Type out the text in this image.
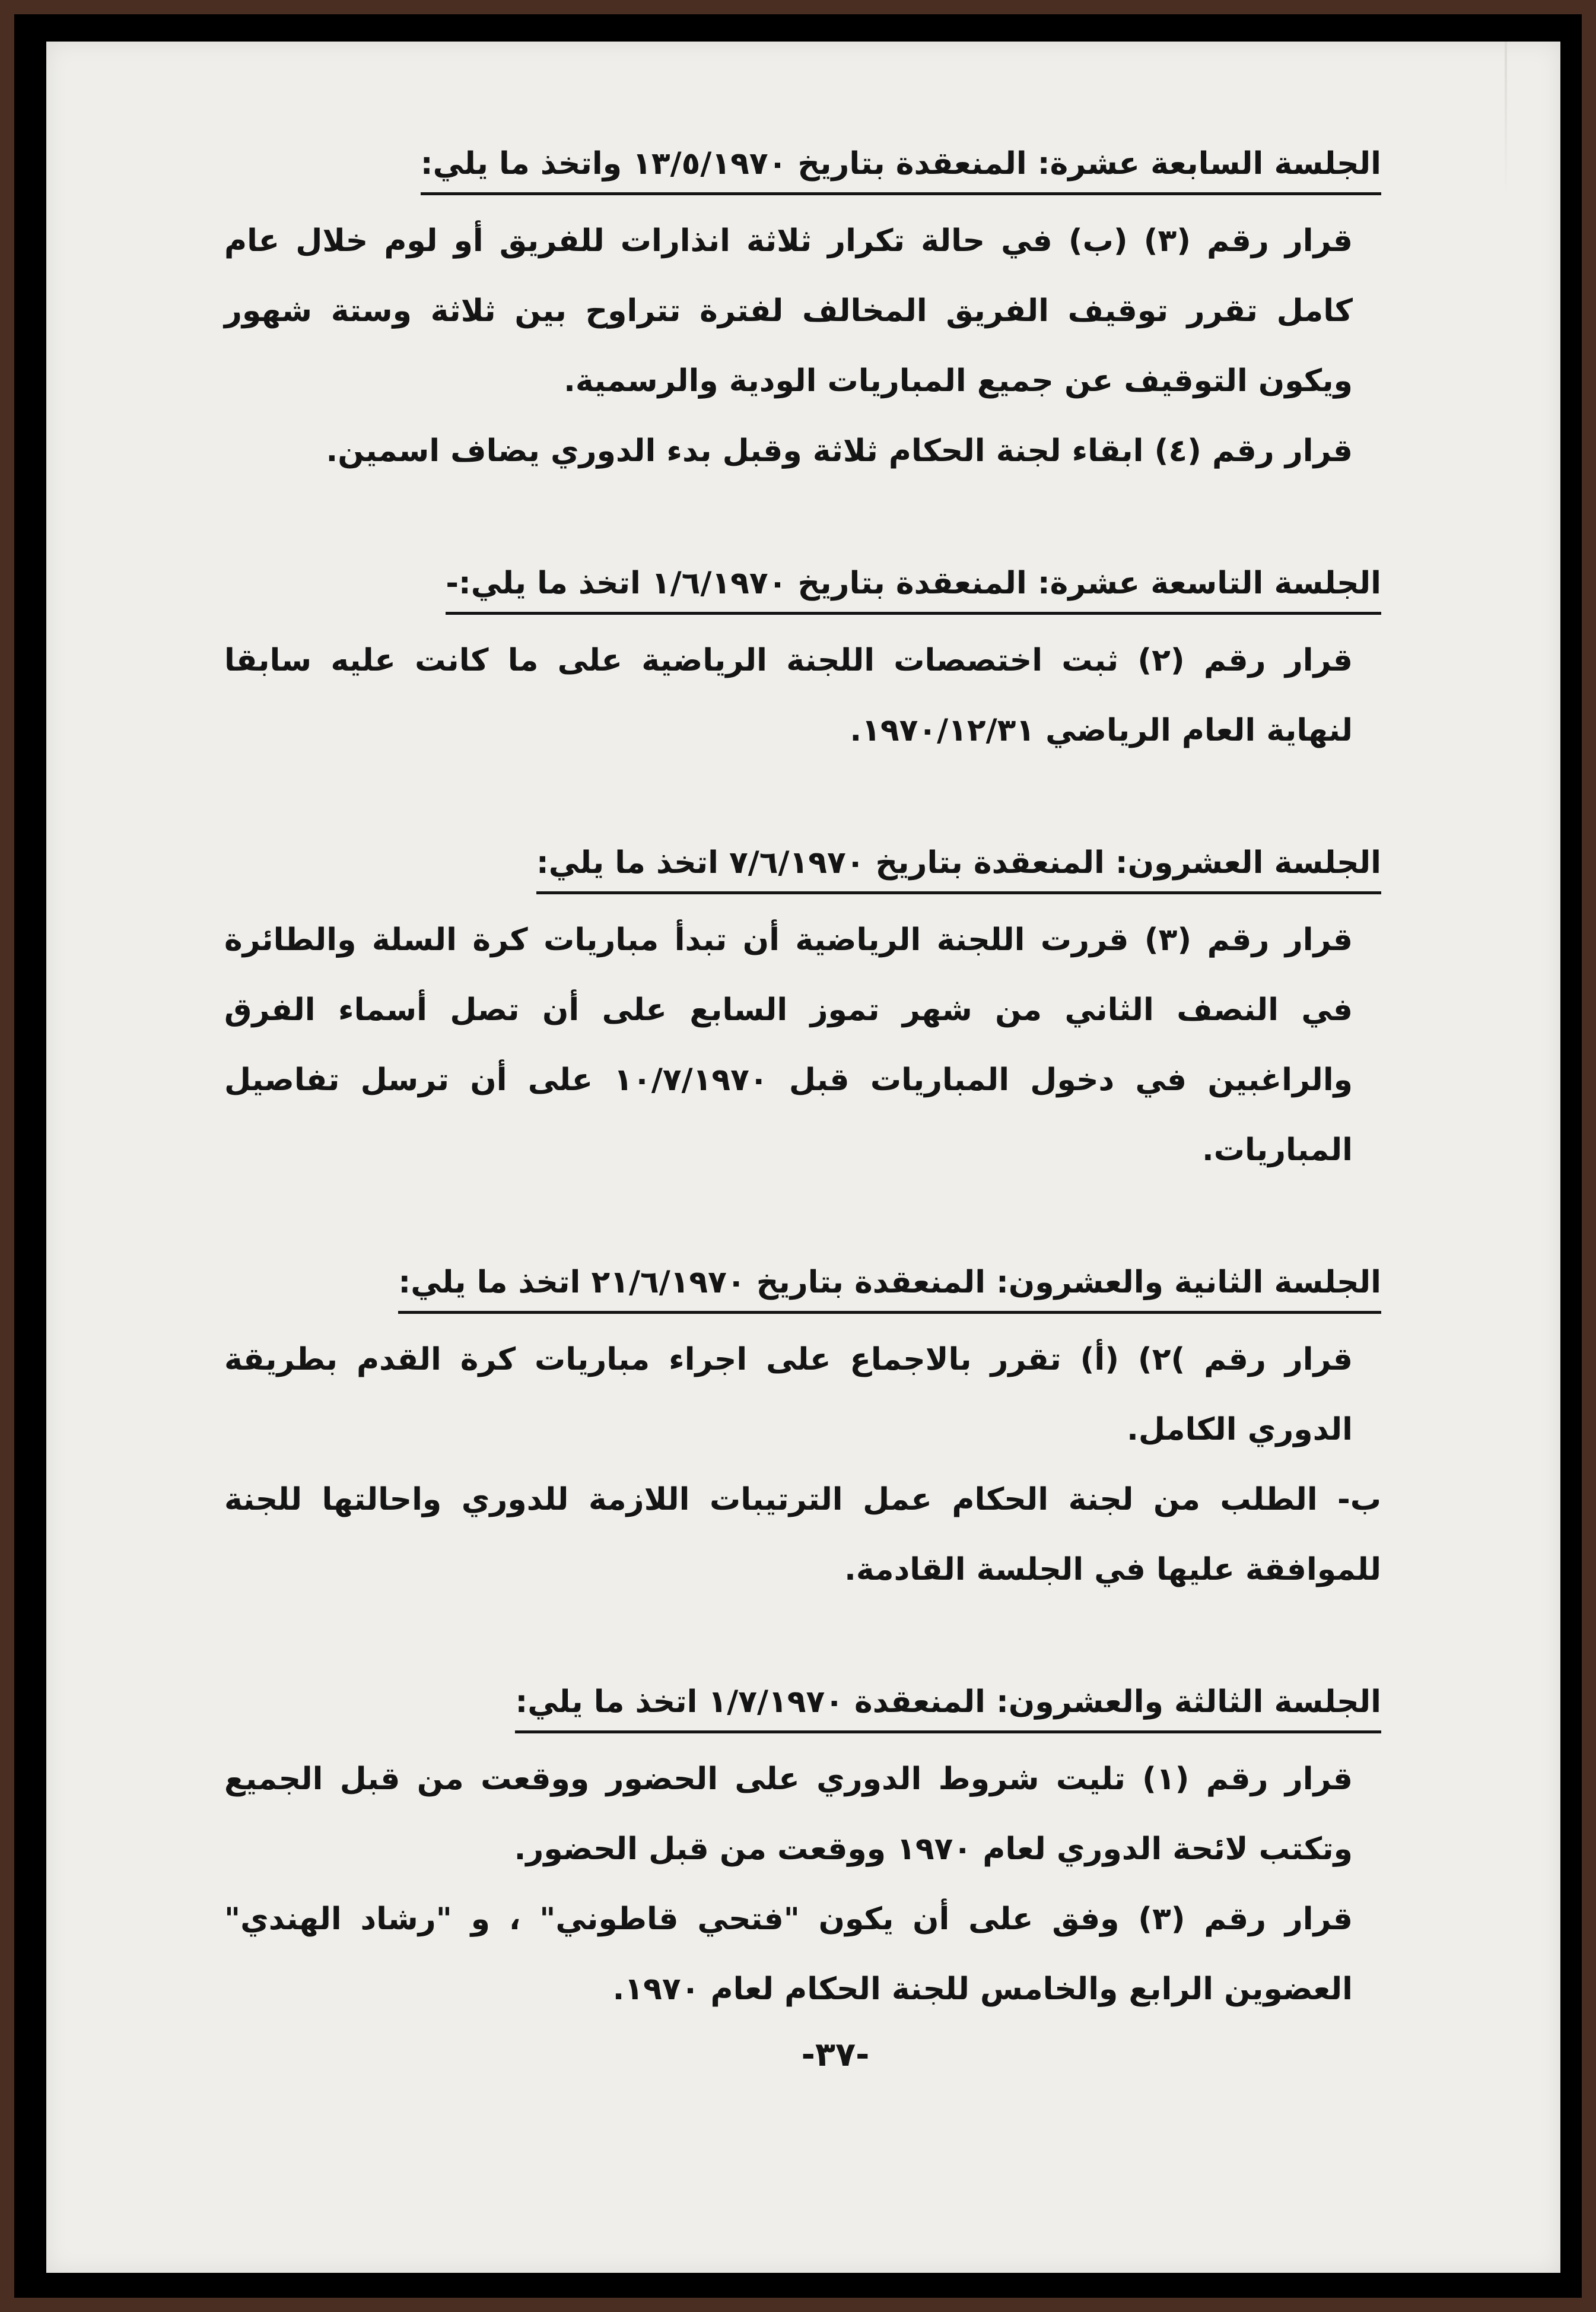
الجلسة السابعة عشرة: المنعقدة بتاريخ ١٣/٥/١٩٧٠ واتخذ ما يلي:
قرار رقم (٣) (ب) في حالة تكرار ثلاثة انذارات للفريق أو لوم خلال عام كامل تقرر توقيف الفريق المخالف لفترة تتراوح بين ثلاثة وستة شهور ويكون التوقيف عن جميع المباريات الودية والرسمية.
قرار رقم (٤) ابقاء لجنة الحكام ثلاثة وقبل بدء الدوري يضاف اسمين.
الجلسة التاسعة عشرة: المنعقدة بتاريخ ١/٦/١٩٧٠ اتخذ ما يلي:-
قرار رقم (٢) ثبت اختصصات اللجنة الرياضية على ما كانت عليه سابقا لنهاية العام الرياضي ١٩٧٠/١٢/٣١.
الجلسة العشرون: المنعقدة بتاريخ ٧/٦/١٩٧٠ اتخذ ما يلي:
قرار رقم (٣) قررت اللجنة الرياضية أن تبدأ مباريات كرة السلة والطائرة في النصف الثاني من شهر تموز السابع على أن تصل أسماء الفرق والراغبين في دخول المباريات قبل ١٠/٧/١٩٧٠ على أن ترسل تفاصيل المباريات.
الجلسة الثانية والعشرون: المنعقدة بتاريخ ٢١/٦/١٩٧٠ اتخذ ما يلي:
قرار رقم )٢) (أ) تقرر بالاجماع على اجراء مباريات كرة القدم بطريقة الدوري الكامل.
ب- الطلب من لجنة الحكام عمل الترتيبات اللازمة للدوري واحالتها للجنة للموافقة عليها في الجلسة القادمة.
الجلسة الثالثة والعشرون: المنعقدة ١/٧/١٩٧٠ اتخذ ما يلي:
قرار رقم (١) تليت شروط الدوري على الحضور ووقعت من قبل الجميع وتكتب لائحة الدوري لعام ١٩٧٠ ووقعت من قبل الحضور.
قرار رقم (٣) وفق على أن يكون "فتحي قاطوني" ، و "رشاد الهندي" العضوين الرابع والخامس للجنة الحكام لعام ١٩٧٠.
-٣٧-
